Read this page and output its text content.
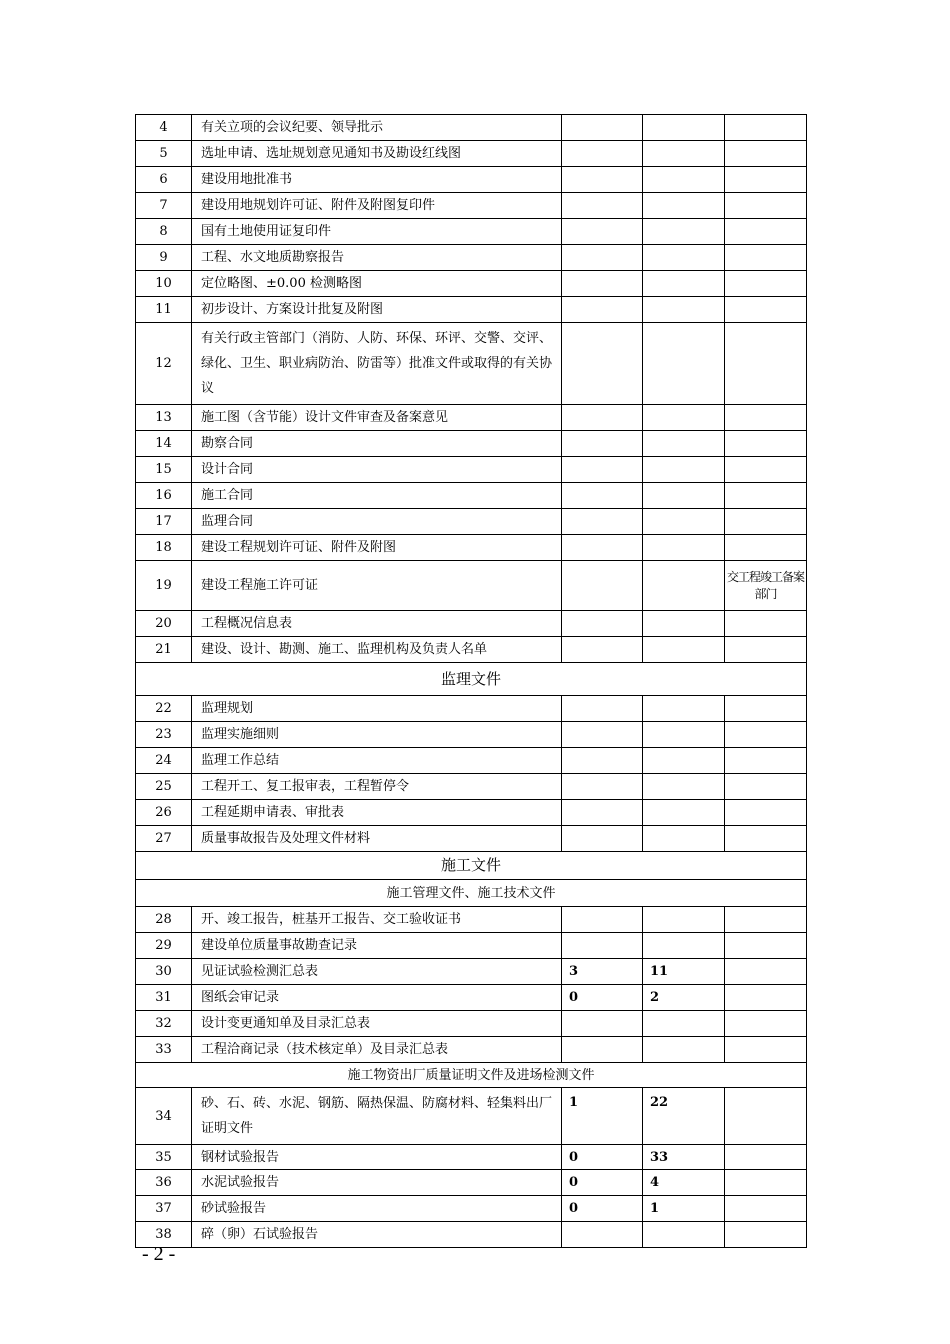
4	有关立项的会议纪要、领导批示			
5	选址申请、选址规划意见通知书及勘设红线图			
6	建设用地批准书			
7	建设用地规划许可证、附件及附图复印件			
8	国有土地使用证复印件			
9	工程、水文地质勘察报告			
10	定位略图、±0.00 检测略图			
11	初步设计、方案设计批复及附图			
12	有关行政主管部门（消防、人防、环保、环评、交警、交评、绿化、卫生、职业病防治、防雷等）批准文件或取得的有关协议			
13	施工图（含节能）设计文件审查及备案意见			
14	勘察合同			
15	设计合同			
16	施工合同			
17	监理合同			
18	建设工程规划许可证、附件及附图			
19	建设工程施工许可证			交工程竣工备案部门
20	工程概况信息表			
21	建设、设计、勘测、施工、监理机构及负责人名单			
监理文件				
22	监理规划			
23	监理实施细则			
24	监理工作总结			
25	工程开工、复工报审表，工程暂停令			
26	工程延期申请表、审批表			
27	质量事故报告及处理文件材料			
施工文件				
施工管理文件、施工技术文件				
28	开、竣工报告，桩基开工报告、交工验收证书			
29	建设单位质量事故勘查记录			
30	见证试验检测汇总表	3	11	
31	图纸会审记录	0	2	
32	设计变更通知单及目录汇总表			
33	工程洽商记录（技术核定单）及目录汇总表			
施工物资出厂质量证明文件及进场检测文件				
34	砂、石、砖、水泥、钢筋、隔热保温、防腐材料、轻集料出厂证明文件	1	22	
35	钢材试验报告	0	33	
36	水泥试验报告	0	4	
37	砂试验报告	0	1	
38	碎（卵）石试验报告			
- 2 -
